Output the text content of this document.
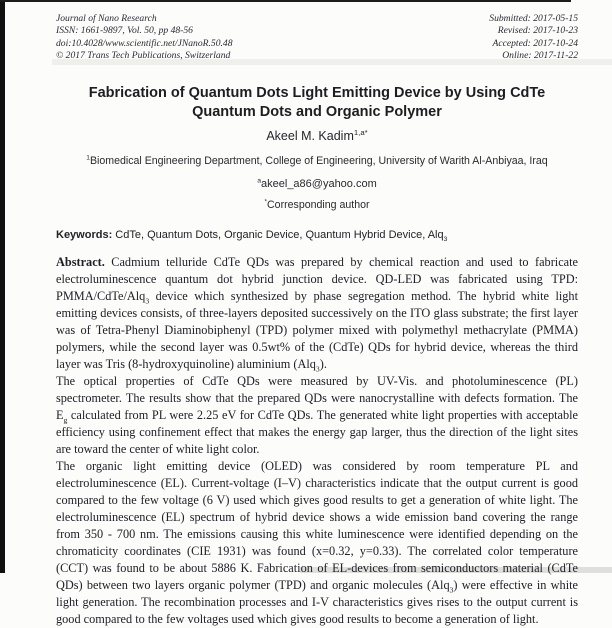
Journal of Nano Research
ISSN: 1661-9897, Vol. 50, pp 48-56
doi:10.4028/www.scientific.net/JNanoR.50.48
© 2017 Trans Tech Publications, Switzerland
Submitted: 2017-05-15
Revised: 2017-10-23
Accepted: 2017-10-24
Online: 2017-11-22
Fabrication of Quantum Dots Light Emitting Device by Using CdTe Quantum Dots and Organic Polymer
Akeel M. Kadim$^{1,a*}$
$^1$Biomedical Engineering Department, College of Engineering, University of Warith Al-Anbiyaa, Iraq
$^a$akeel_a86@yahoo.com
*Corresponding author
Keywords: CdTe, Quantum Dots, Organic Device, Quantum Hybrid Device, Alq$_3$

Abstract. Cadmium telluride CdTe QDs was prepared by chemical reaction and used to fabricate electroluminescence quantum dot hybrid junction device. QD-LED was fabricated using TPD: PMMA/CdTe/Alq$_3$ device which synthesized by phase segregation method. The hybrid white light emitting devices consists, of three-layers deposited successively on the ITO glass substrate; the first layer was of Tetra-Phenyl Diaminobiphenyl (TPD) polymer mixed with polymethyl methacrylate (PMMA) polymers, while the second layer was 0.5wt% of the (CdTe) QDs for hybrid device, whereas the third layer was Tris (8-hydroxyquinoline) aluminium (Alq$_3$).

The optical properties of CdTe QDs were measured by UV-Vis. and photoluminescence (PL) spectrometer. The results show that the prepared QDs were nanocrystalline with defects formation. The $E_g$ calculated from PL were 2.25 eV for CdTe QDs. The generated white light properties with acceptable efficiency using confinement effect that makes the energy gap larger, thus the direction of the light sites are toward the center of white light color.

The organic light emitting device (OLED) was considered by room temperature PL and electroluminescence (EL). Current-voltage (I–V) characteristics indicate that the output current is good compared to the few voltage (6 V) used which gives good results to get a generation of white light. The electroluminescence (EL) spectrum of hybrid device shows a wide emission band covering the range from 350 - 700 nm. The emissions causing this white luminescence were identified depending on the chromaticity coordinates (CIE 1931) was found (x=0.32, y=0.33). The correlated color temperature (CCT) was found to be about 5886 K. Fabrication of EL-devices from semiconductors material (CdTe QDs) between two layers organic polymer (TPD) and organic molecules (Alq$_3$) were effective in white light generation. The recombination processes and I-V characteristics gives rises to the output current is good compared to the few voltages used which gives good results to become a generation of light.
